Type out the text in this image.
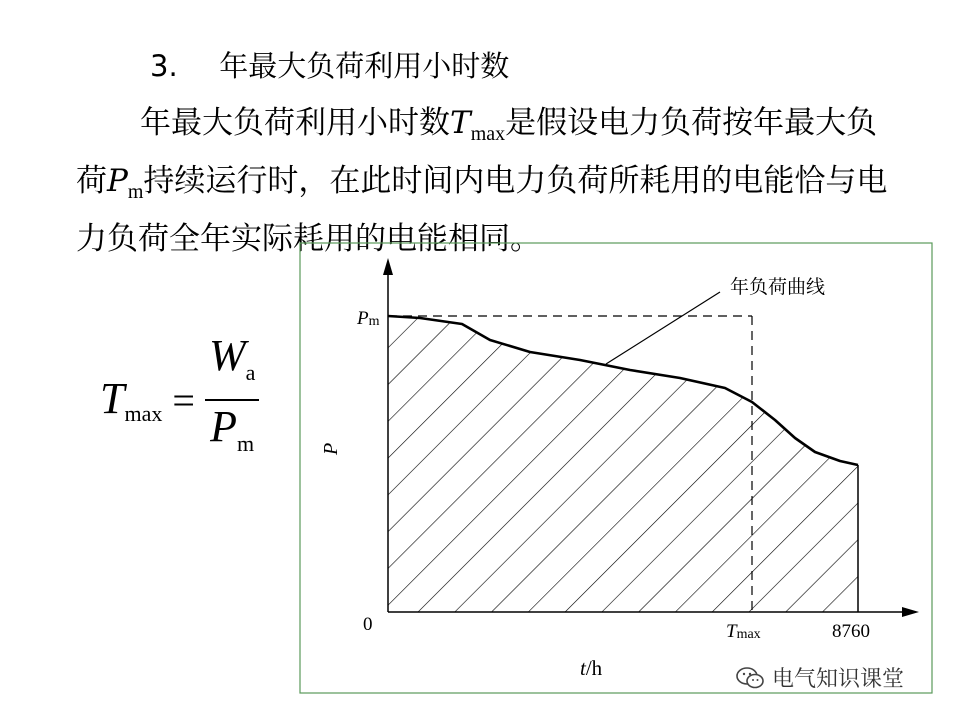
3. 年最大负荷利用小时数

年最大负荷利用小时数$T_{max}$是假设电力负荷按年最大负

荷$P_m$持续运行时，在此时间内电力负荷所耗用的电能恰与电

力负荷全年实际耗用的电能相同。

$Tmax = \frac{W_a}{P_m}$
年负荷曲线
Pm
P
0	Tmax	8760
t/h	电气知识课堂
